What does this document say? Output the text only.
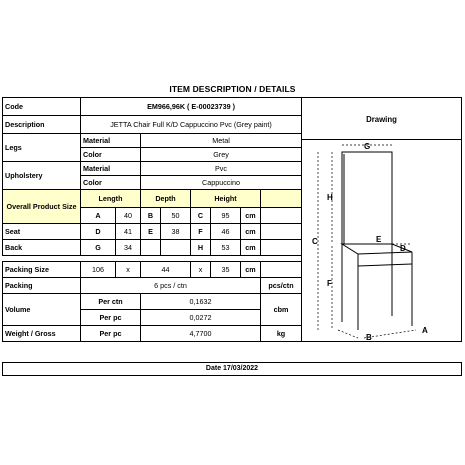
ITEM DESCRIPTION / DETAILS
Code	EM966,96K ( E-00023739 )							
Description	JETTA Chair Full K/D Cappuccino Pvc (Grey paint)							
Legs	Material		Metal					
	Color		Grey					
Upholstery	Material		Pvc					
	Color		Cappuccino					
Overall Product Size	Length		Depth		Height			
	A	40	B	50	C	95	cm	
Seat	D	41	E	38	F	46	cm	
Back	G	34			H	53	cm	

Packing Size	106	x	44		x	35	cm	
Packing	6 pcs / ctn							pcs/ctn
Volume	Per ctn		0,1632					cbm
	Per pc		0,0272					
Weight / Gross	Per pc		4,7700					kg
Drawing
G
H
C	E
D
F
B
A
Date 17/03/2022
